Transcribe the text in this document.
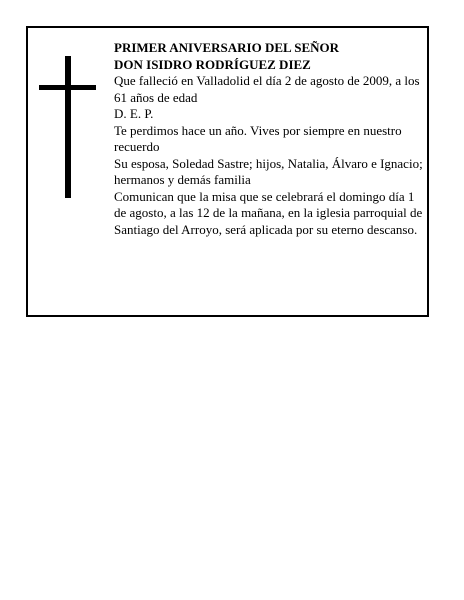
PRIMER ANIVERSARIO DEL SEÑOR

DON ISIDRO RODRÍGUEZ DIEZ

Que falleció en Valladolid el día 2 de agosto de 2009, a los 61 años de edad

D. E. P.

Te perdimos hace un año. Vives por siempre en nuestro recuerdo

Su esposa, Soledad Sastre; hijos, Natalia, Álvaro e Ignacio; hermanos y demás familia

Comunican que la misa que se celebrará el domingo día 1 de agosto, a las 12 de la mañana, en la iglesia parroquial de Santiago del Arroyo, será aplicada por su eterno descanso.
